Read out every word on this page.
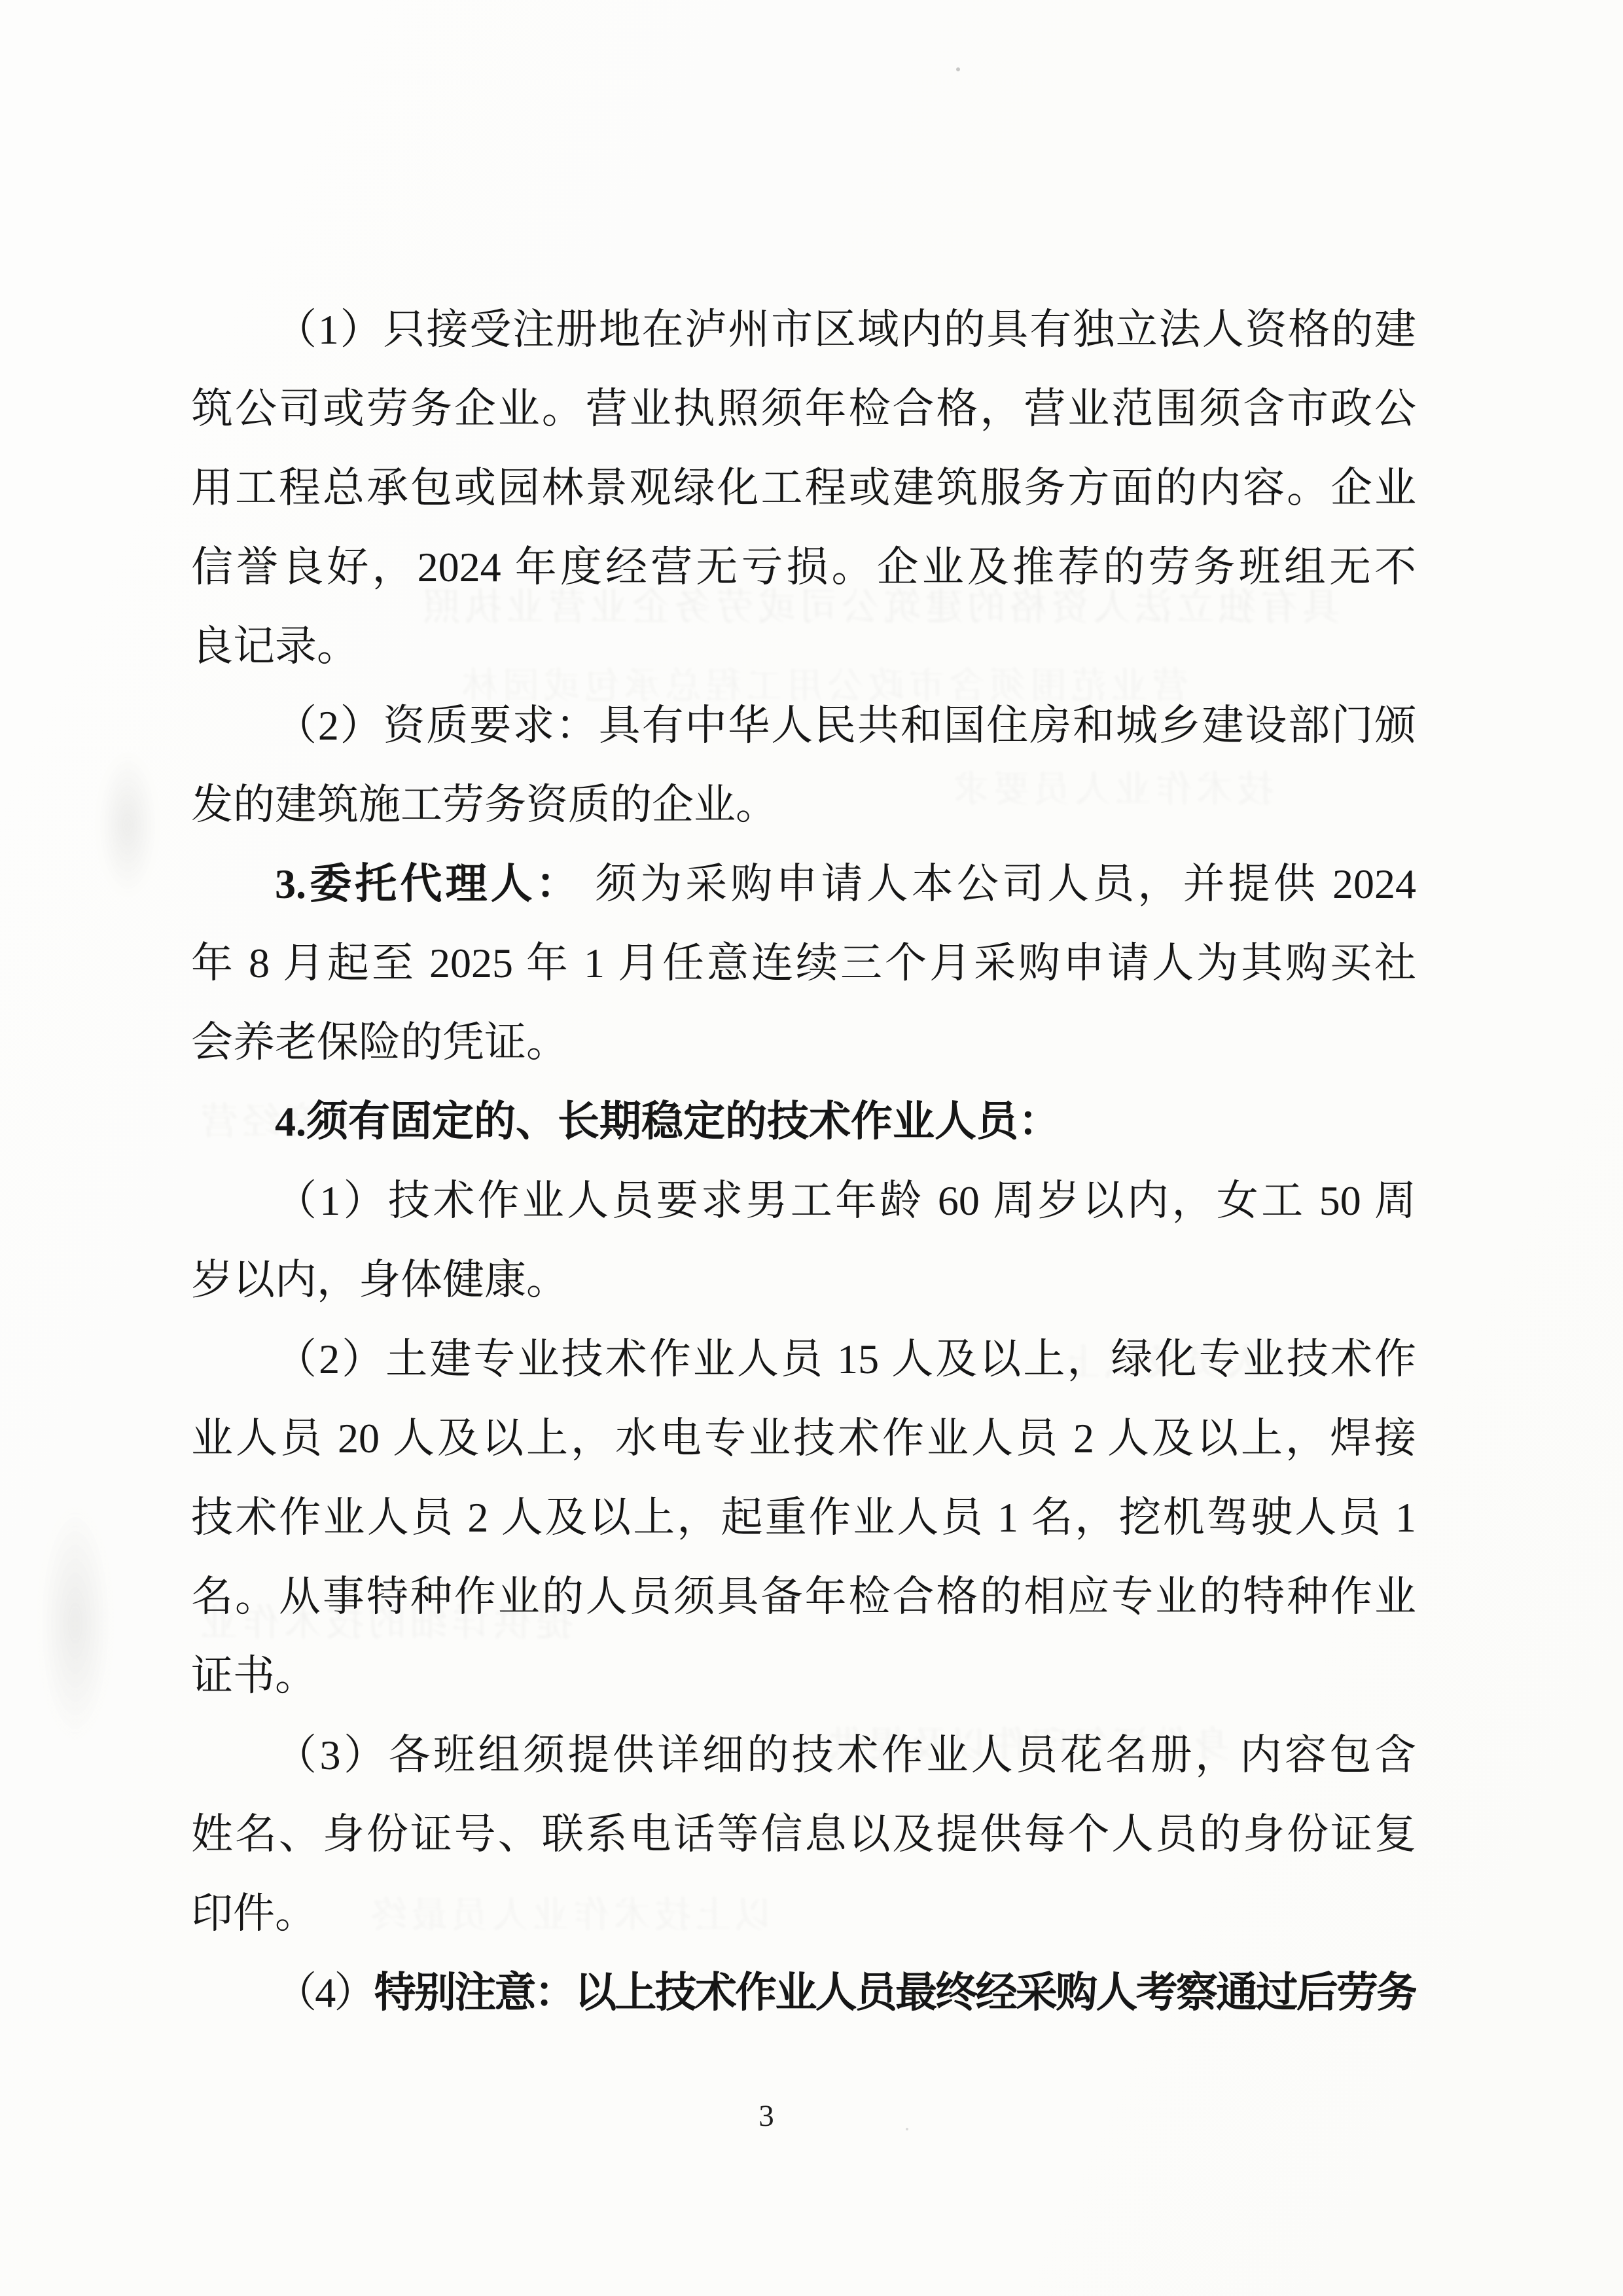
（1）只接受注册地在泸州市区域内的具有独立法人资格的建
筑公司或劳务企业。营业执照须年检合格，营业范围须含市政公
用工程总承包或园林景观绿化工程或建筑服务方面的内容。企业
信誉良好，2024 年度经营无亏损。企业及推荐的劳务班组无不
良记录。
（2）资质要求：具有中华人民共和国住房和城乡建设部门颁
发的建筑施工劳务资质的企业。
3.委托代理人： 须为采购申请人本公司人员，并提供 2024
年 8 月起至 2025 年 1 月任意连续三个月采购申请人为其购买社
会养老保险的凭证。
4.须有固定的、长期稳定的技术作业人员：
（1）技术作业人员要求男工年龄 60 周岁以内，女工 50 周
岁以内，身体健康。
（2）土建专业技术作业人员 15 人及以上，绿化专业技术作
业人员 20 人及以上，水电专业技术作业人员 2 人及以上，焊接
技术作业人员 2 人及以上，起重作业人员 1 名，挖机驾驶人员 1
名。从事特种作业的人员须具备年检合格的相应专业的特种作业
证书。
（3）各班组须提供详细的技术作业人员花名册，内容包含
姓名、身份证号、联系电话等信息以及提供每个人员的身份证复
印件。
（4）特别注意：以上技术作业人员最终经采购人考察通过后劳务
3
具有独立法人资格的建筑公司或劳务企业营业执照
